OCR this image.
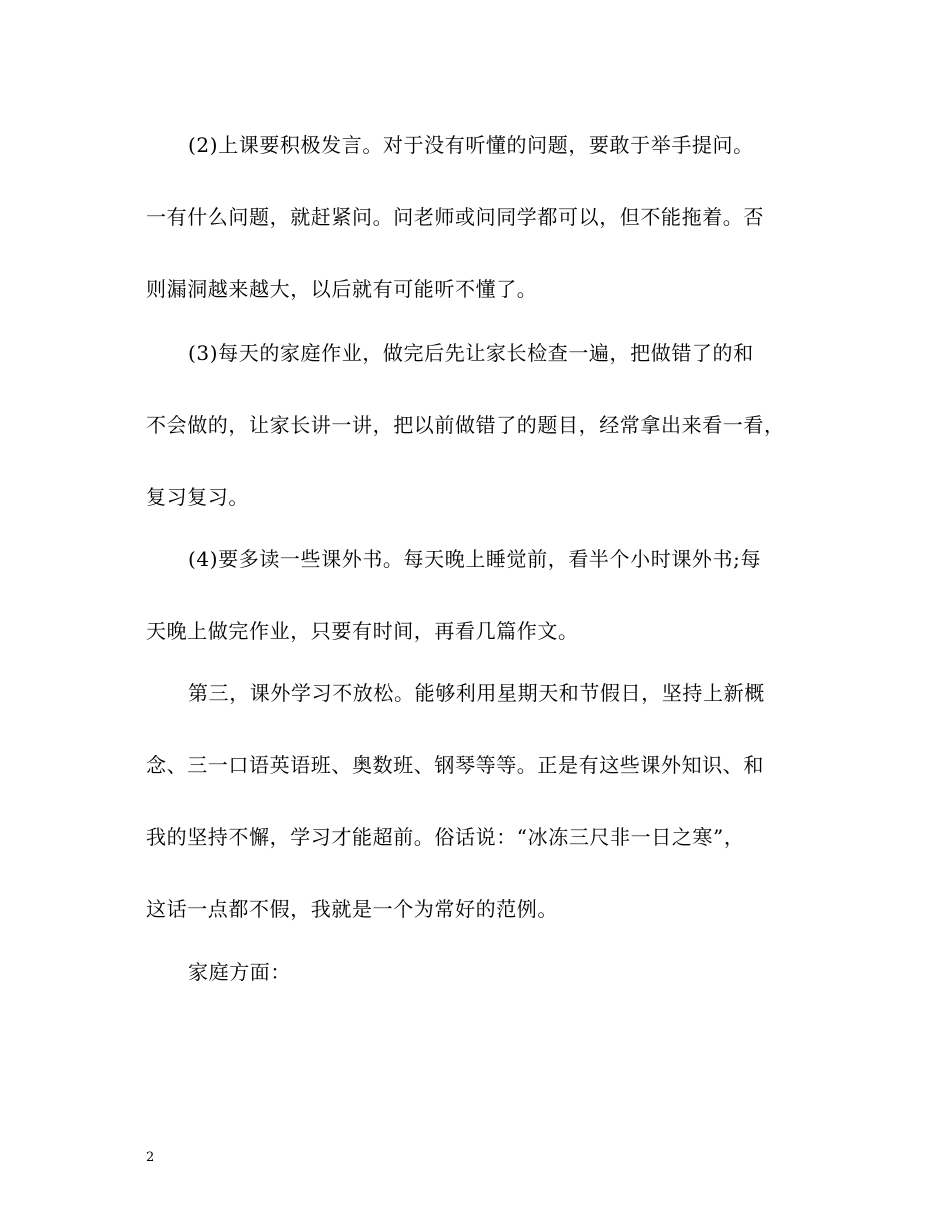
(2)上课要积极发言。对于没有听懂的问题，要敢于举手提问。
一有什么问题，就赶紧问。问老师或问同学都可以，但不能拖着。否
则漏洞越来越大，以后就有可能听不懂了。
(3)每天的家庭作业，做完后先让家长检查一遍，把做错了的和
不会做的，让家长讲一讲，把以前做错了的题目，经常拿出来看一看，
复习复习。
(4)要多读一些课外书。每天晚上睡觉前，看半个小时课外书;每
天晚上做完作业，只要有时间，再看几篇作文。
第三，课外学习不放松。能够利用星期天和节假日，坚持上新概
念、三一口语英语班、奥数班、钢琴等等。正是有这些课外知识、和
我的坚持不懈，学习才能超前。俗话说：“冰冻三尺非一日之寒”，
这话一点都不假，我就是一个为常好的范例。
家庭方面：
2
